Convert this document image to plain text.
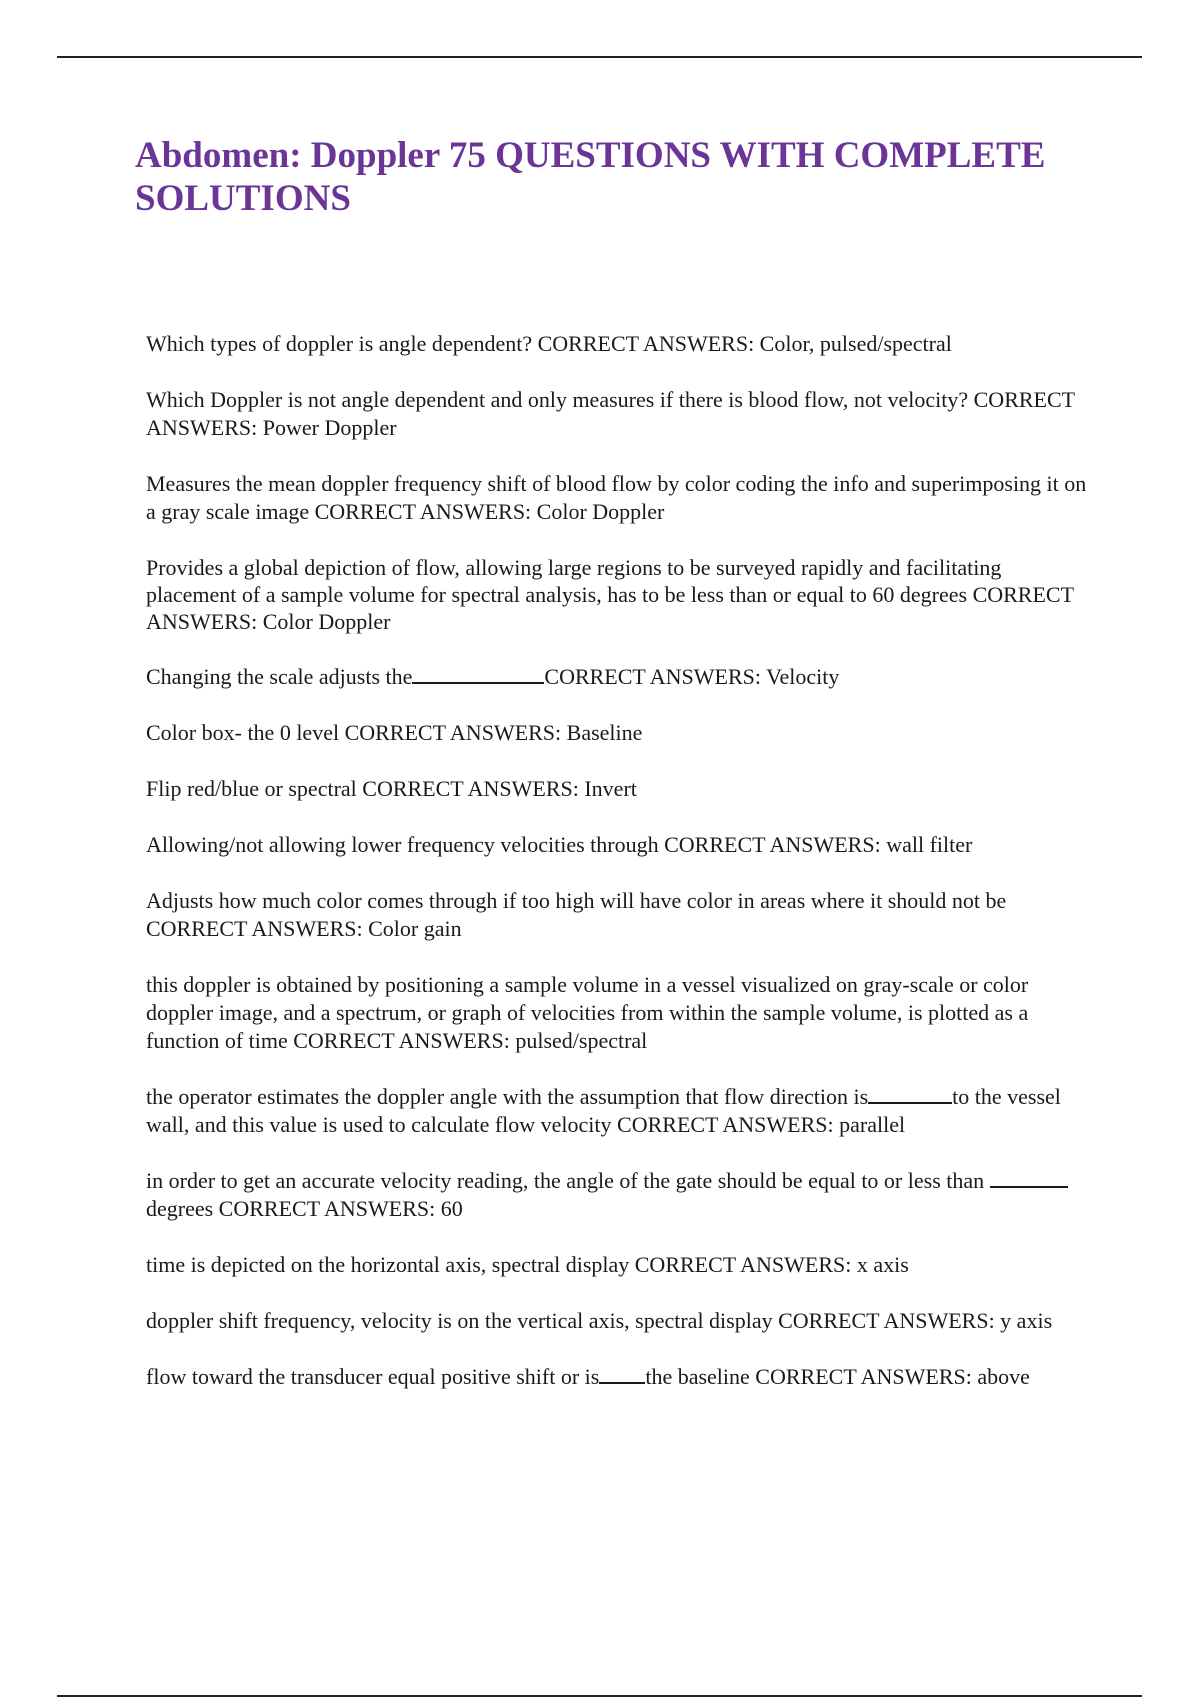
Abdomen: Doppler 75 QUESTIONS WITH COMPLETE SOLUTIONS
Which types of doppler is angle dependent? CORRECT ANSWERS: Color, pulsed/spectral
Which Doppler is not angle dependent and only measures if there is blood flow, not velocity? CORRECT ANSWERS: Power Doppler
Measures the mean doppler frequency shift of blood flow by color coding the info and superimposing it on a gray scale image CORRECT ANSWERS: Color Doppler
Provides a global depiction of flow, allowing large regions to be surveyed rapidly and facilitating placement of a sample volume for spectral analysis, has to be less than or equal to 60 degrees CORRECT ANSWERS: Color Doppler
Changing the scale adjusts the	CORRECT ANSWERS: Velocity
Color box- the 0 level CORRECT ANSWERS: Baseline
Flip red/blue or spectral CORRECT ANSWERS: Invert
Allowing/not allowing lower frequency velocities through CORRECT ANSWERS: wall filter
Adjusts how much color comes through if too high will have color in areas where it should not be CORRECT ANSWERS: Color gain
this doppler is obtained by positioning a sample volume in a vessel visualized on gray-scale or color doppler image, and a spectrum, or graph of velocities from within the sample volume, is plotted as a function of time CORRECT ANSWERS: pulsed/spectral
the operator estimates the doppler angle with the assumption that flow direction is	to the vessel wall, and this value is used to calculate flow velocity CORRECT ANSWERS: parallel
in order to get an accurate velocity reading, the angle of the gate should be equal to or less than degrees CORRECT ANSWERS: 60
time is depicted on the horizontal axis, spectral display CORRECT ANSWERS: x axis
doppler shift frequency, velocity is on the vertical axis, spectral display CORRECT ANSWERS: y axis
flow toward the transducer equal positive shift or is the baseline CORRECT ANSWERS: above
